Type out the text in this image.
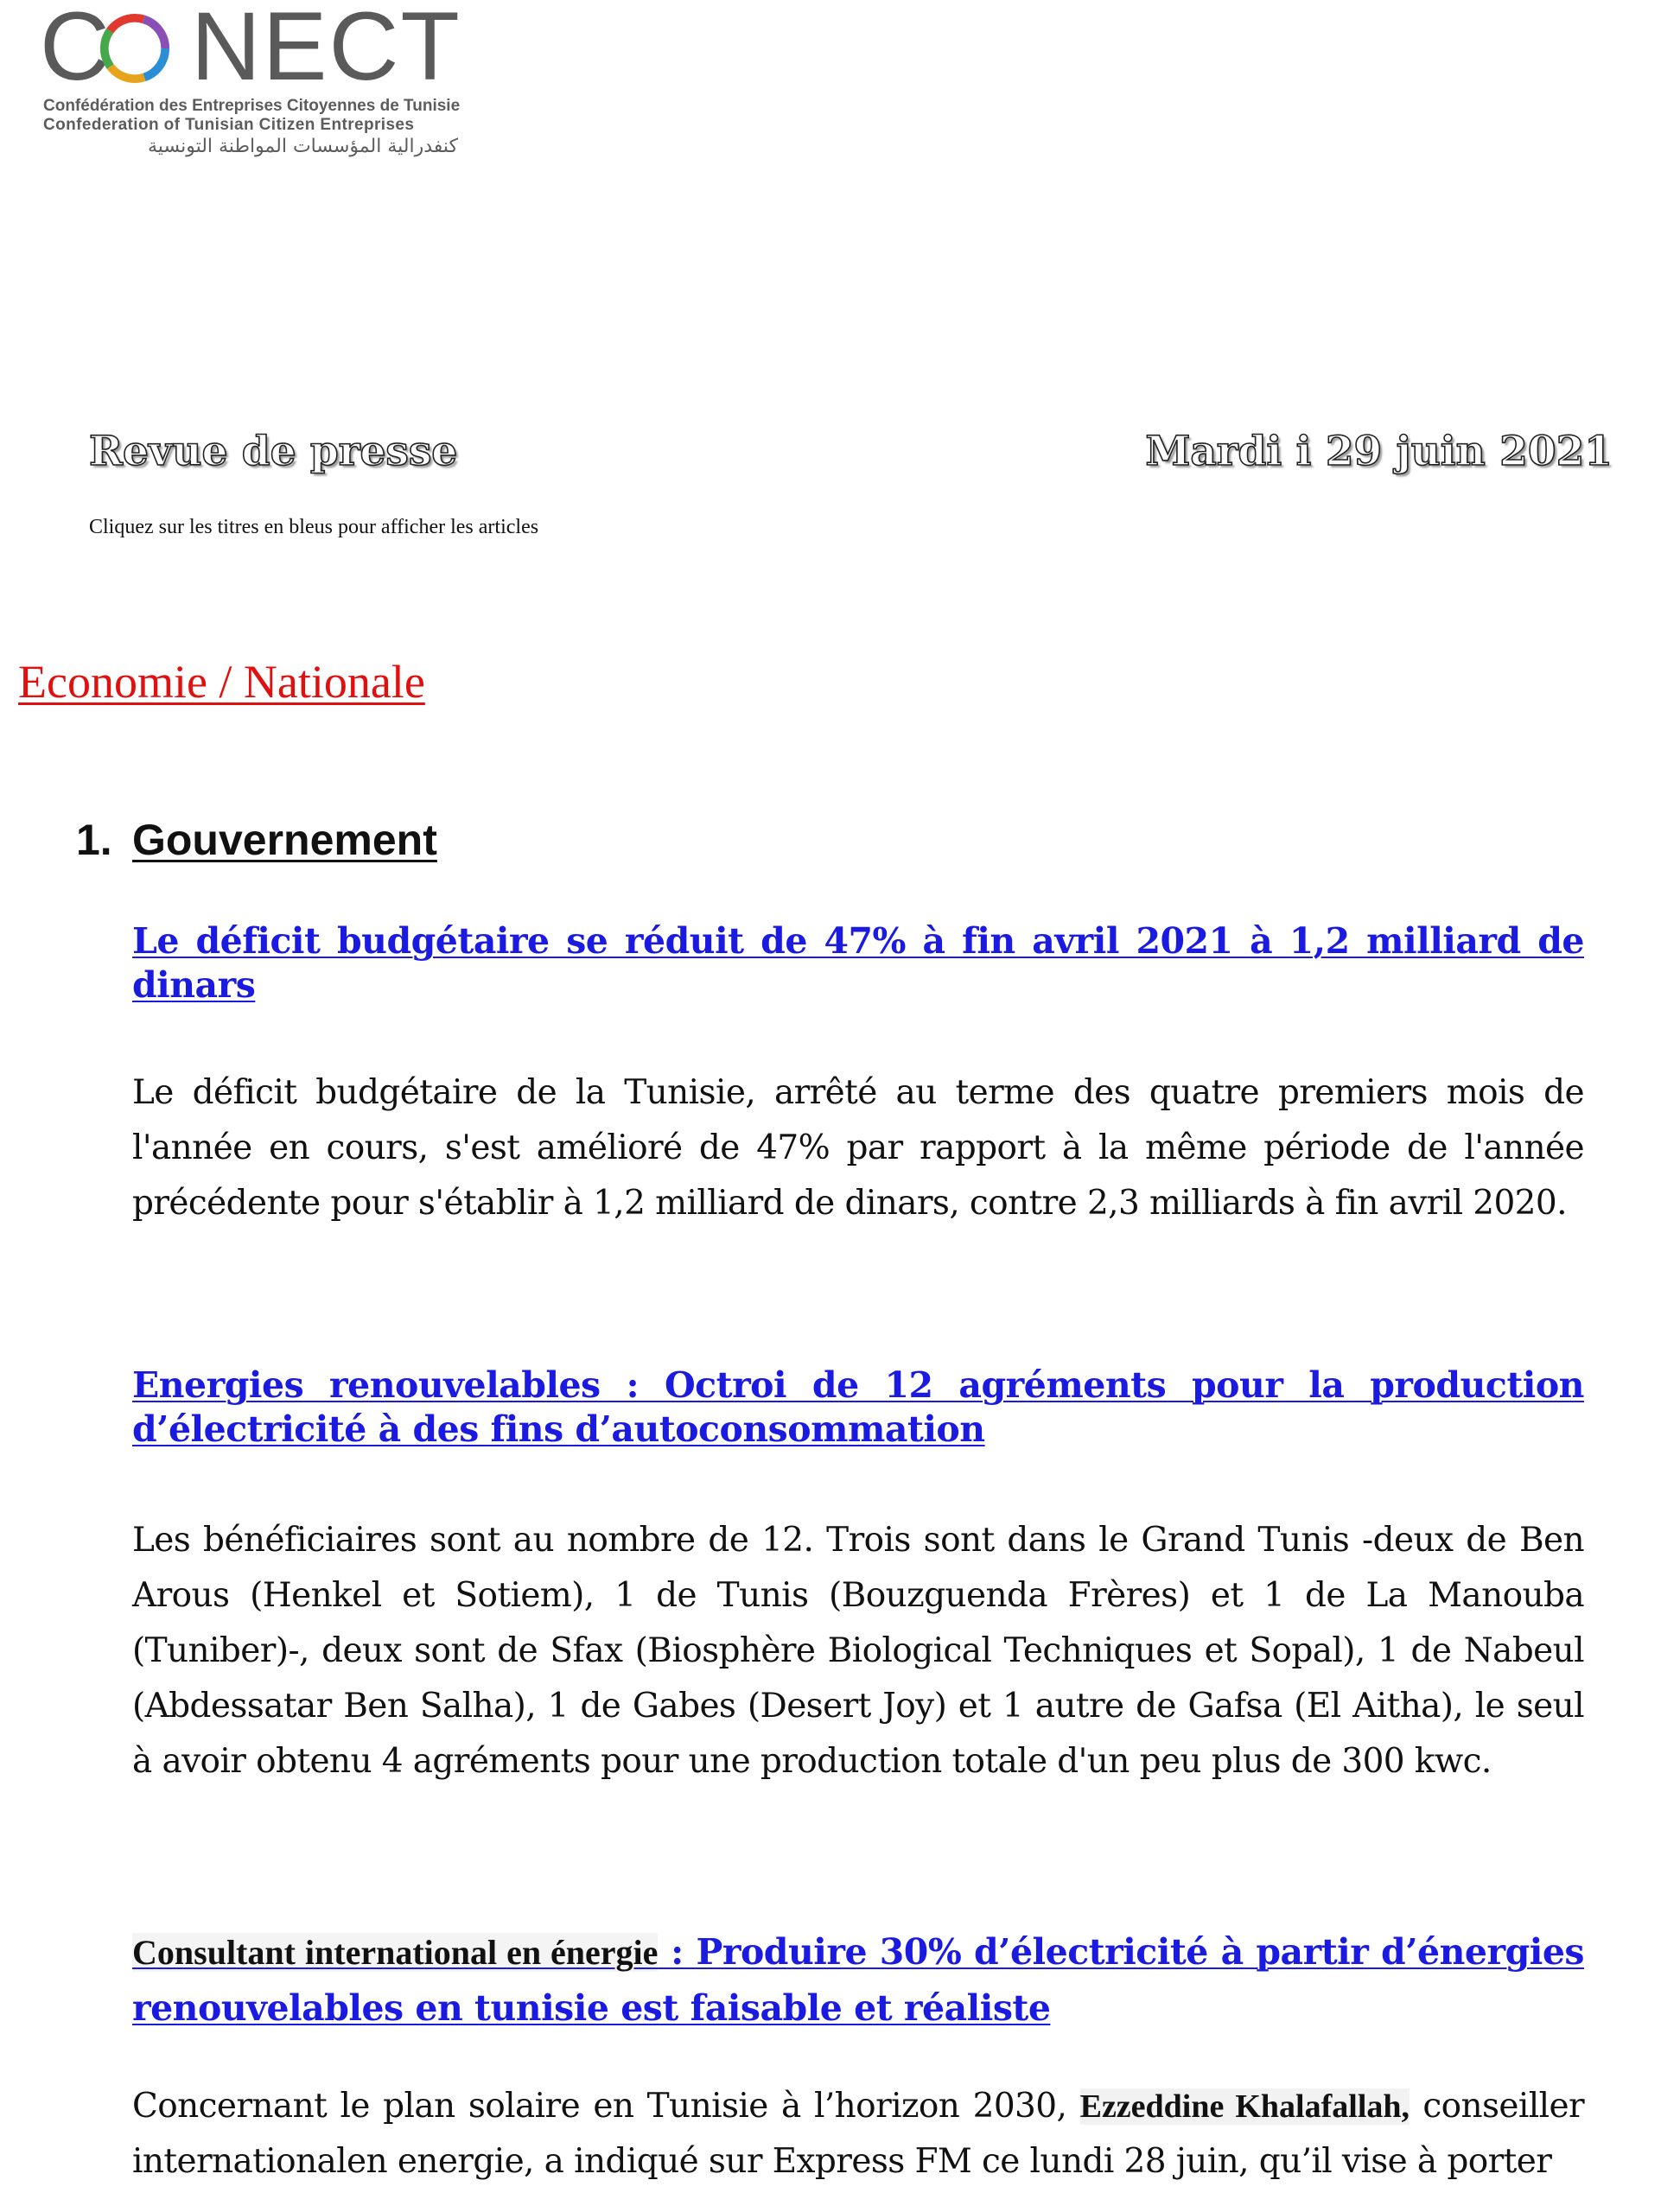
C NECT
Confédération des Entreprises Citoyennes de Tunisie
Confederation of Tunisian Citizen Entreprises
كنفدرالية المؤسسات المواطنة التونسية
Revue de presse	Mardi i 29 juin 2021
Cliquez sur les titres en bleus pour afficher les articles
Economie / Nationale
1. Gouvernement
Le déficit budgétaire se réduit de 47% à fin avril 2021 à 1,2 milliard de dinars
Le déficit budgétaire de la Tunisie, arrêté au terme des quatre premiers mois de l'année en cours, s'est amélioré de 47% par rapport à la même période de l'année précédente pour s'établir à 1,2 milliard de dinars, contre 2,3 milliards à fin avril 2020.
Energies renouvelables : Octroi de 12 agréments pour la production d’électricité à des fins d’autoconsommation
Les bénéficiaires sont au nombre de 12. Trois sont dans le Grand Tunis -deux de Ben Arous (Henkel et Sotiem), 1 de Tunis (Bouzguenda Frères) et 1 de La Manouba (Tuniber)-, deux sont de Sfax (Biosphère Biological Techniques et Sopal), 1 de Nabeul (Abdessatar Ben Salha), 1 de Gabes (Desert Joy) et 1 autre de Gafsa (El Aitha), le seul à avoir obtenu 4 agréments pour une production totale d'un peu plus de 300 kwc.
Consultant international en énergie : Produire 30% d’électricité à partir d’énergies renouvelables en tunisie est faisable et réaliste
Concernant le plan solaire en Tunisie à l’horizon 2030, Ezzeddine Khalafallah, conseiller internationalen energie, a indiqué sur Express FM ce lundi 28 juin, qu’il vise à porter
